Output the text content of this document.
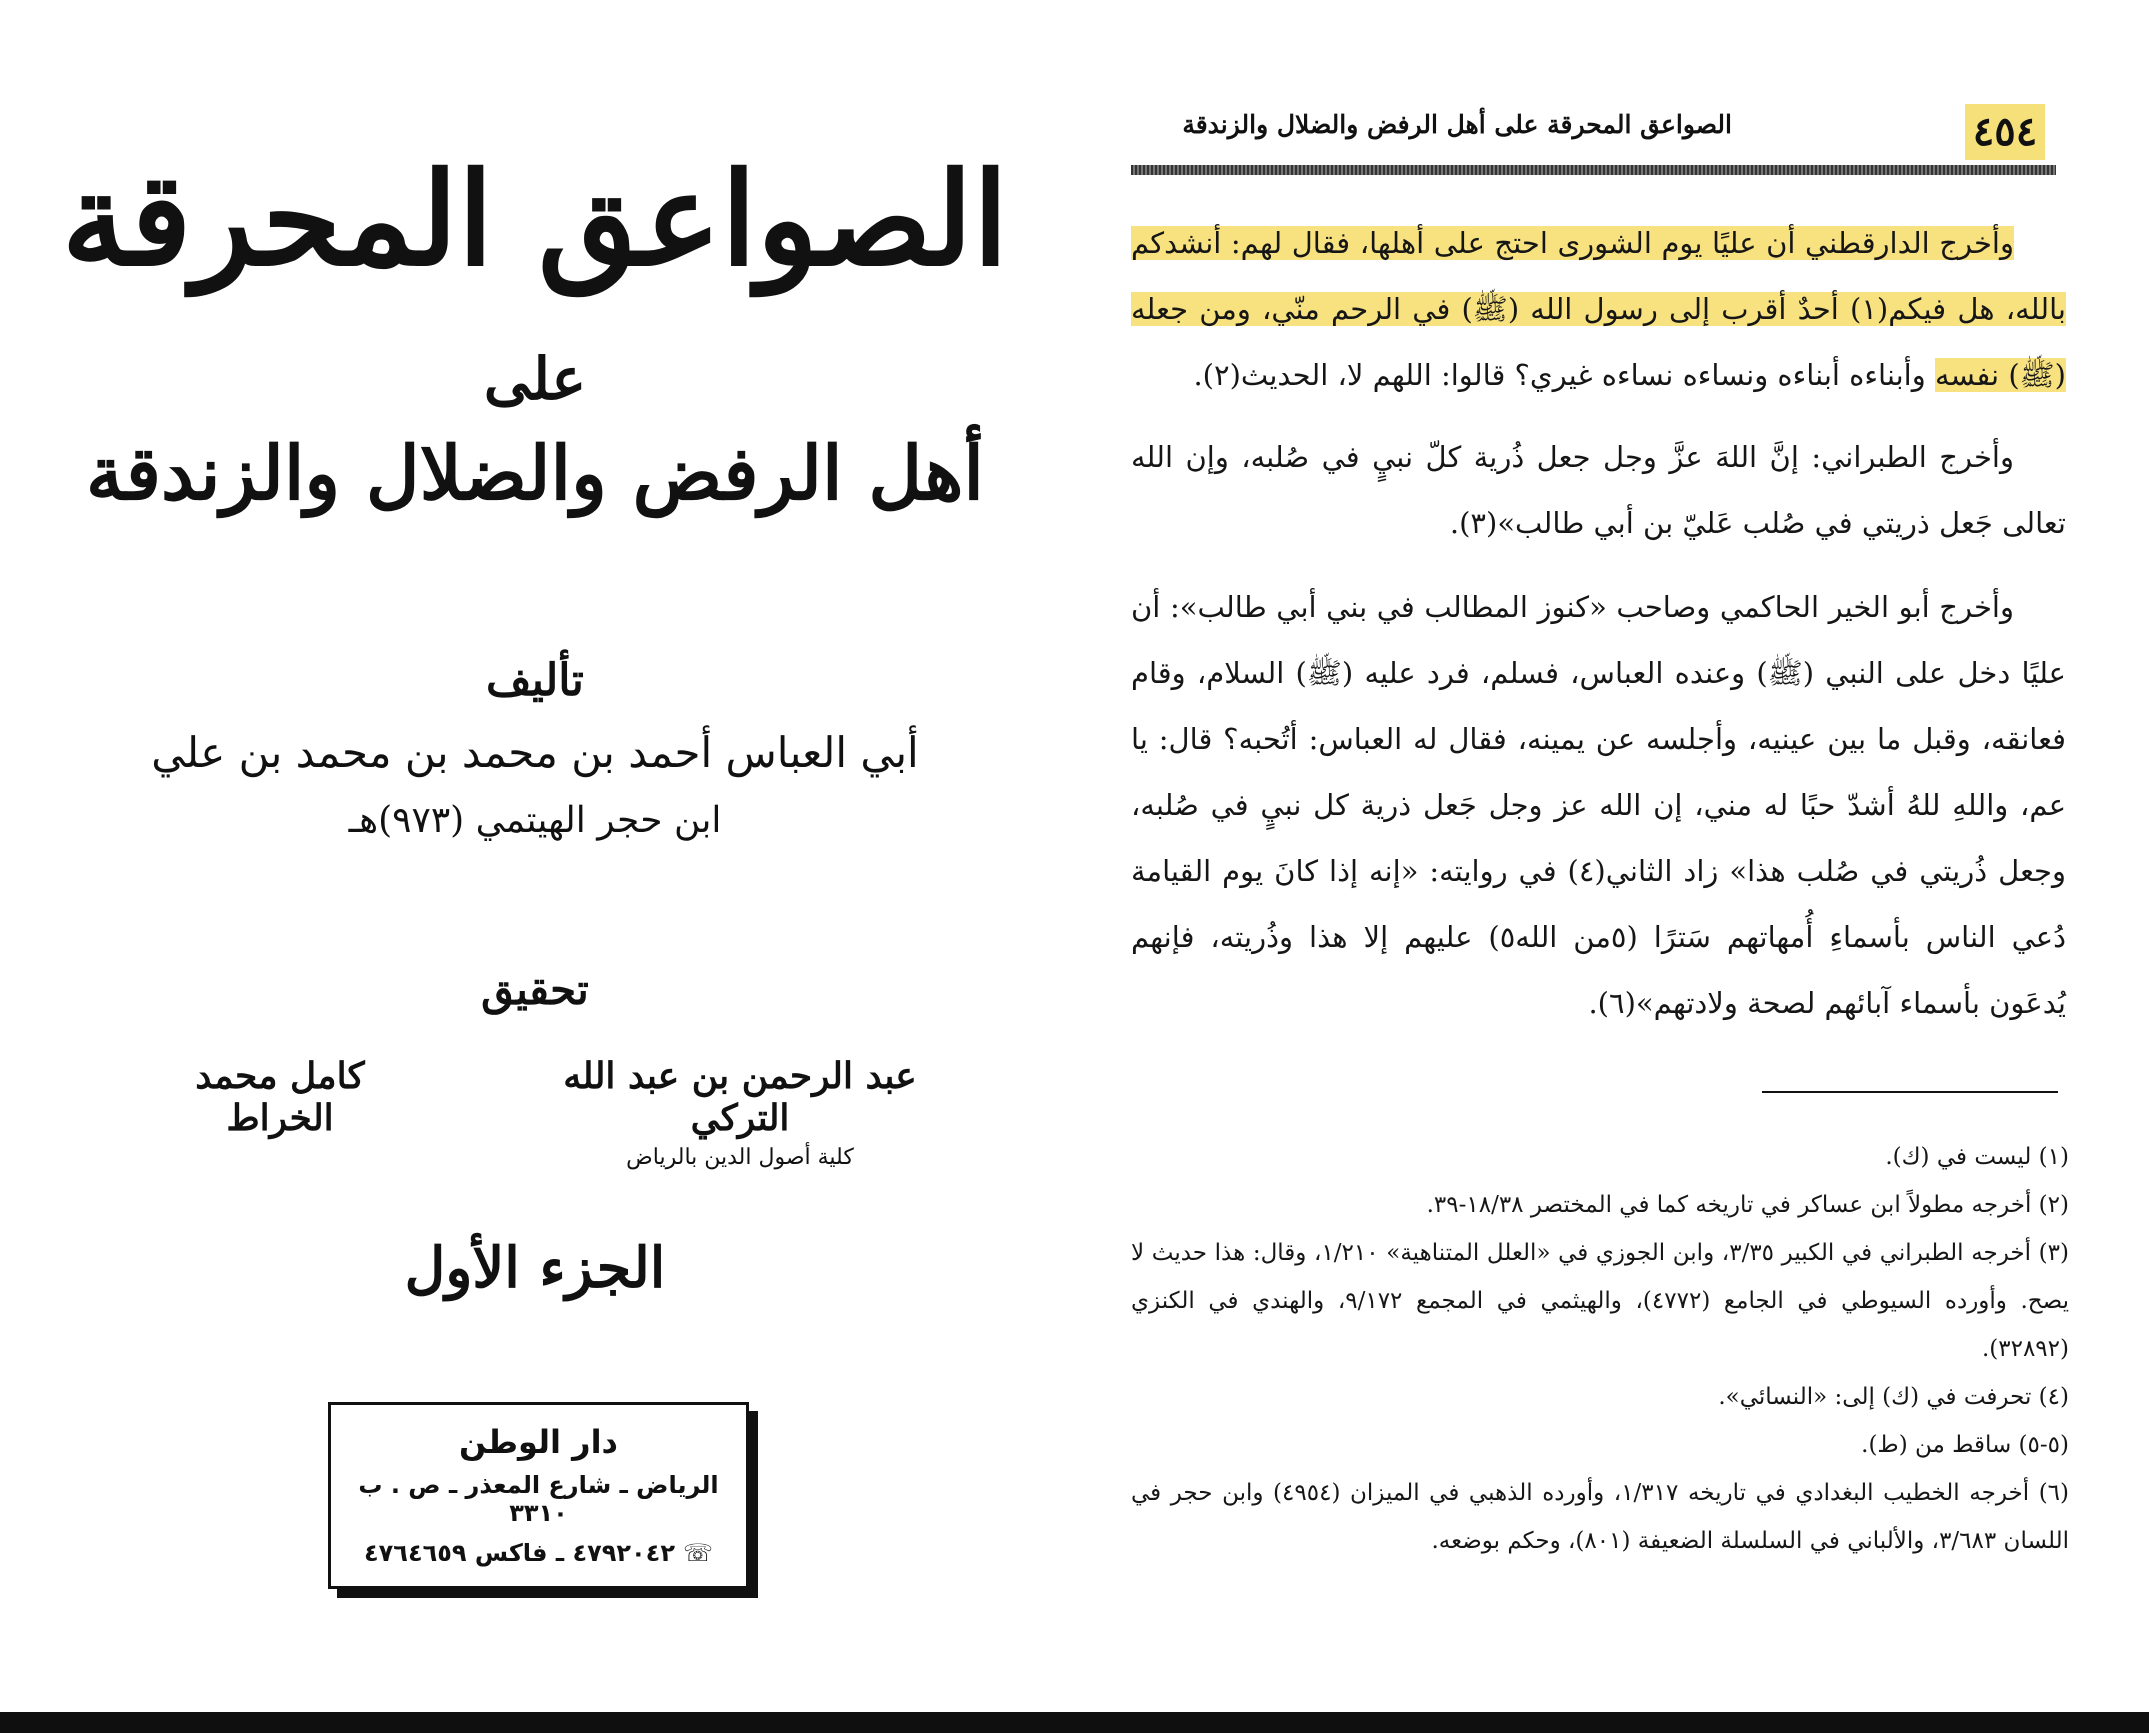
الصواعق المحرقة
على
أهل الرفض والضلال والزندقة
تأليف
أبي العباس أحمد بن محمد بن محمد بن علي
ابن حجر الهيتمي (٩٧٣)هـ
تحقيق
عبد الرحمن بن عبد الله التركي
كلية أصول الدين بالرياض
كامل محمد الخراط
الجزء الأول
دار الوطن
الرياض ـ شارع المعذر ـ ص . ب ٣٣١٠
☏٤٧٩٢٠٤٢ ـ فاكس ٤٧٦٤٦٥٩
٤٥٤
الصواعق المحرقة على أهل الرفض والضلال والزندقة
وأخرج الدارقطني أن عليًا يوم الشورى احتج على أهلها، فقال لهم: أنشدكم بالله، هل فيكم(١) أحدٌ أقرب إلى رسول الله (ﷺ) في الرحم منّي، ومن جعله (ﷺ) نفسه وأبناءه أبناءه ونساءه نساءه غيري؟ قالوا: اللهم لا، الحديث(٢).
وأخرج الطبراني: إنَّ اللهَ عزَّ وجل جعل ذُرية كلّ نبيٍ في صُلبه، وإن الله تعالى جَعل ذريتي في صُلب عَليّ بن أبي طالب»(٣).
وأخرج أبو الخير الحاكمي وصاحب «كنوز المطالب في بني أبي طالب»: أن عليًا دخل على النبي (ﷺ) وعنده العباس، فسلم، فرد عليه (ﷺ) السلام، وقام فعانقه، وقبل ما بين عينيه، وأجلسه عن يمينه، فقال له العباس: أتُحبه؟ قال: يا عم، واللهِ للهُ أشدّ حبًا له مني، إن الله عز وجل جَعل ذرية كل نبيٍ في صُلبه، وجعل ذُريتي في صُلب هذا» زاد الثاني(٤) في روايته: «إنه إذا كانَ يوم القيامة دُعي الناس بأسماءِ أُمهاتهم سَترًا (٥من الله٥) عليهم إلا هذا وذُريته، فإنهم يُدعَون بأسماء آبائهم لصحة ولادتهم»(٦).
(١) ليست في (ك).
(٢) أخرجه مطولاً ابن عساكر في تاريخه كما في المختصر ١٨/٣٨-٣٩.
(٣) أخرجه الطبراني في الكبير ٣/٣٥، وابن الجوزي في «العلل المتناهية» ١/٢١٠، وقال: هذا حديث لا يصح. وأورده السيوطي في الجامع (٤٧٧٢)، والهيثمي في المجمع ٩/١٧٢، والهندي في الكنزي (٣٢٨٩٢).
(٤) تحرفت في (ك) إلى: «النسائي».
(٥-٥) ساقط من (ط).
(٦) أخرجه الخطيب البغدادي في تاريخه ١/٣١٧، وأورده الذهبي في الميزان (٤٩٥٤) وابن حجر في اللسان ٣/٦٨٣، والألباني في السلسلة الضعيفة (٨٠١)، وحكم بوضعه.
